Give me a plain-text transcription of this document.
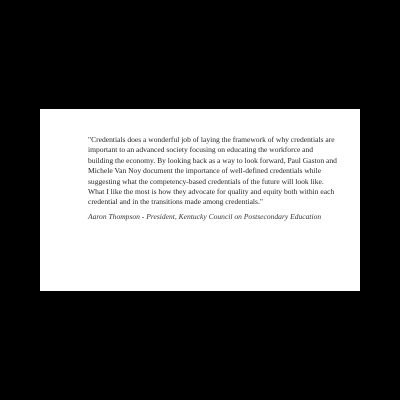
"Credentials does a wonderful job of laying the framework of why credentials are important to an advanced society focusing on educating the workforce and building the economy. By looking back as a way to look forward, Paul Gaston and Michele Van Noy document the importance of well-defined credentials while suggesting what the competency-based credentials of the future will look like. What I like the most is how they advocate for quality and equity both within each credential and in the transitions made among credentials."

Aaron Thompson - President, Kentucky Council on Postsecondary Education
